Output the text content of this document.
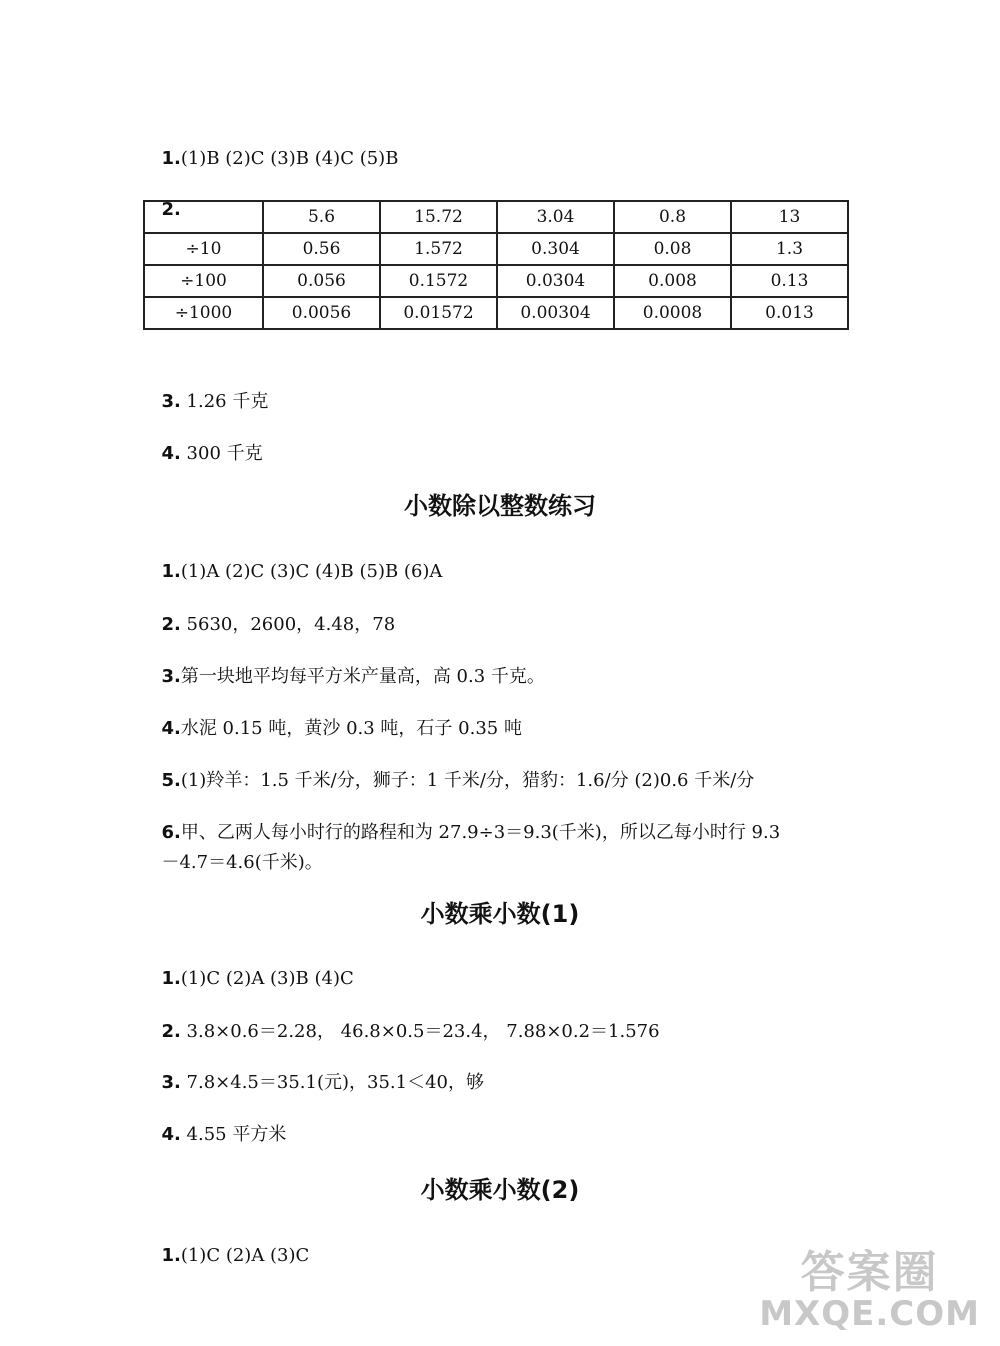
1.(1)B (2)C (3)B (4)C (5)B

2.

		5.6	15.72	3.04	0.8	13
÷10	0.56	1.572	0.304	0.08	1.3
÷100	0.056	0.1572	0.0304	0.008	0.13
÷1000	0.0056	0.01572	0.00304	0.0008	0.013

3. 1.26 千克

4. 300 千克

小数除以整数练习

1.(1)A (2)C (3)C (4)B (5)B (6)A

2. 5630，2600，4.48，78

3.第一块地平均每平方米产量高，高 0.3 千克。

4.水泥 0.15 吨，黄沙 0.3 吨，石子 0.35 吨

5.(1)羚羊：1.5 千米/分，狮子：1 千米/分，猎豹：1.6/分 (2)0.6 千米/分

6.甲、乙两人每小时行的路程和为 27.9÷3＝9.3(千米)，所以乙每小时行 9.3

－4.7＝4.6(千米)。

小数乘小数(1)

1.(1)C (2)A (3)B (4)C

2. 3.8×0.6＝2.28， 46.8×0.5＝23.4， 7.88×0.2＝1.576

3. 7.8×4.5＝35.1(元)，35.1＜40，够

4. 4.55 平方米

小数乘小数(2)

1.(1)C (2)A (3)C	答案圈
MXQE.COM
